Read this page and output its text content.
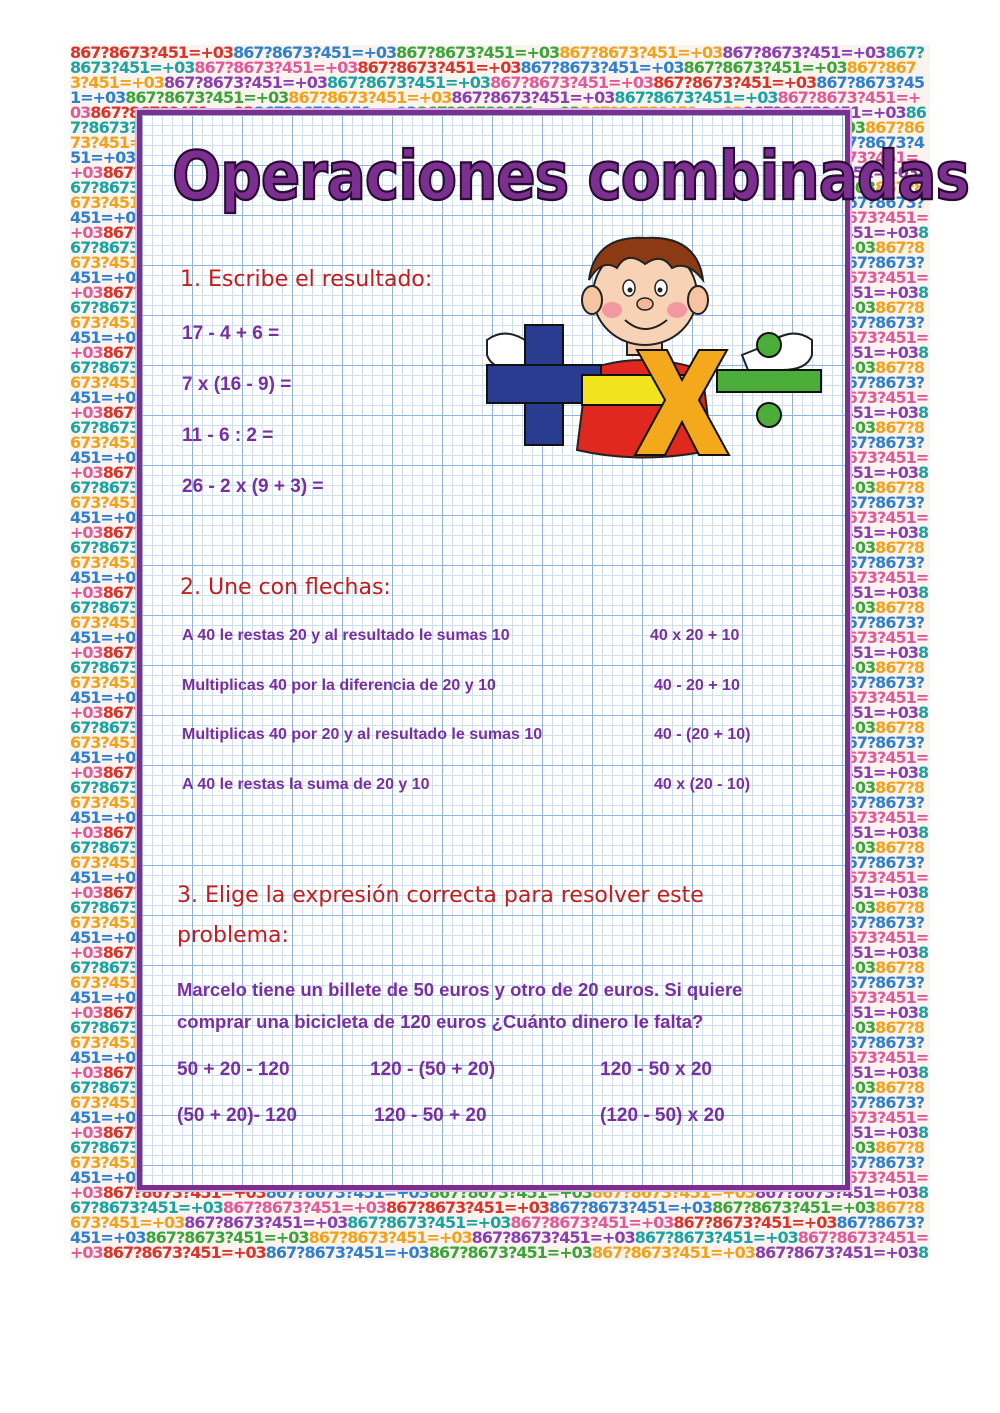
867?8673?451=+03867?8673?451=+03867?8673?451=+03867?8673?451=+03867?8673?451=+03867?8673?451=+03867?8673?451=+03867?8673?451=+03867?8673?451=+03867?8673?451=+03867?8673?451=+03867?8673?451=+03867?8673?451=+03867?8673?451=+03867?8673?451=+03867?8673?451=+03867?8673?451=+03867?8673?451=+03867?8673?451=+03867?8673?451=+03867?8673?451=+03867?8	1=+03867?8673?	3867?8673?451=	7?8673?451=+03	73?451=+03867	51=+03867?8673	03867?8673?451	67?8673?451=+0	673?451=+03867	51=+03867?8673	03867?8673?451	67?8673?451=+0	673?451=+03867	51=+03867?8673	03867?8673?451	67?8673?451=+0	673?451=+03867	51=+03867?8673	03867?8673?451	67?8673?451=+0	673?451=+03867	51=+03867?8673	03867?8673?451	67?8673?451=+0	673?451=+03867	51=+03867?8673	03867?8673?451	67?8673?451=+0	673?451=+03867	51=+03867?8673	03867?8673?451	67?8673?451=+0	673?451=+03867	51=+03867?8673	03867?8673?451	67?8673?451=+0	673?451=+03867	51=+03867?8673	03867?8673?451	67?8673?451=+0	673?451=+03867	51=+03867?8673	03867?8673?451	67?8673?451=+0	673?451=+03867	51=+03867?8673	03867?8673?451	67?8673?451=+0	673?451=+03867	51=+03867?8673	03867?8673?451	67?8673?451=+0	673?451=+03867	51=+03867?8673	03867?8673?451	67?8673?451=+0	673?451=+03867	51=+03867?8673	03867?8673?451	67?8673?451=+0	673?451=+03867	51=+03867?8673	03867?8673?451	67?8673?451=+0	673?451=+03867	51=+03867?8673	03867?8673?451	67?8673?451=+0	673?451=+03867	51=+03867?8673	03867?8673?451	67?8673?451=+0	673?451=+03867?8673?451=+03867?8673?451=+03867?8673?451=+03867?8673?451=+03867?8673?451=+03867?8673?451=+03867?8673?451=+03867?8673?451=+03867?8673?451=+03867?8673?451=+03867?8673?451=+03867?8673?451=+03867?8673?451=+03867?8673?451=+03867?8673?451=+03867?8673?451=+03867?8673?451=+03867?8673?451=+03867?8673?451=+03867?8673?451=+03867?8673?451=+03867?8673?451=+03867?8673?451=+03867?8673?451=+03867?8673?451=+03867?8673?451=+038
Operaciones combinadas
1. Escribe el resultado:
17 - 4 + 6 =
7 x (16 - 9) =
11 - 6 : 2 =
26 - 2 x (9 + 3) =
2. Une con flechas:
A 40 le restas 20 y al resultado le sumas 10
Multiplicas 40 por la diferencia de 20 y 10
Multiplicas 40 por 20 y al resultado le sumas 10
A 40 le restas la suma de 20 y 10
40 x 20 + 10
40 - 20 + 10
40 - (20 + 10)
40 x (20 - 10)
3. Elige la expresión correcta para resolver este
problema:
Marcelo tiene un billete de 50 euros y otro de 20 euros. Si quiere
comprar una bicicleta de 120 euros ¿Cuánto dinero le falta?
50 + 20 - 120	120 - (50 + 20)	120 - 50 x 20
(50 + 20)- 120	120 - 50 + 20	(120 - 50) x 20
